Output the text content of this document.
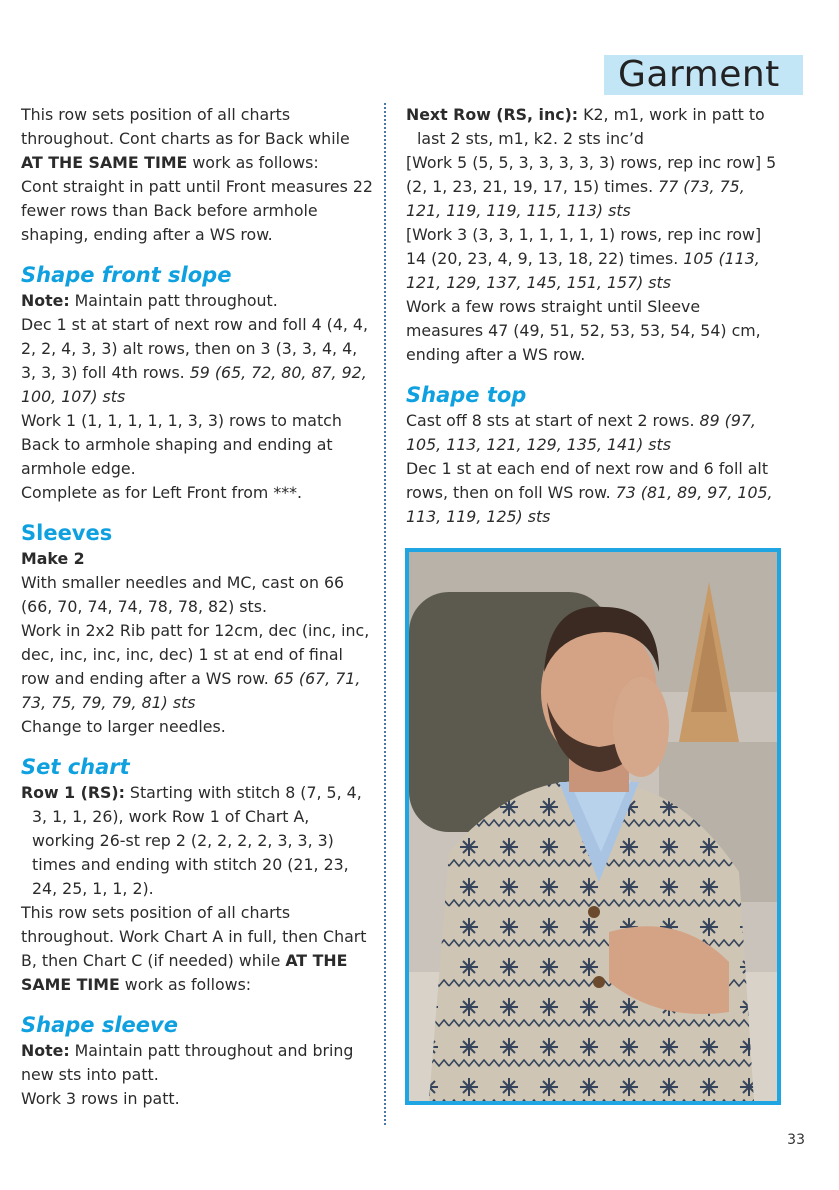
Garment

This row sets position of all charts throughout. Cont charts as for Back while AT THE SAME TIME work as follows:

Cont straight in patt until Front measures 22 fewer rows than Back before armhole shaping, ending after a WS row.

Shape front slope

Note: Maintain patt throughout.

Dec 1 st at start of next row and foll 4 (4, 4, 2, 2, 4, 3, 3) alt rows, then on 3 (3, 3, 4, 4, 3, 3, 3) foll 4th rows. 59 (65, 72, 80, 87, 92, 100, 107) sts

Work 1 (1, 1, 1, 1, 1, 3, 3) rows to match Back to armhole shaping and ending at armhole edge.

Complete as for Left Front from ***.

Sleeves

Make 2

With smaller needles and MC, cast on 66 (66, 70, 74, 74, 78, 78, 82) sts.

Work in 2x2 Rib patt for 12cm, dec (inc, inc, dec, inc, inc, inc, dec) 1 st at end of final row and ending after a WS row. 65 (67, 71, 73, 75, 79, 79, 81) sts

Change to larger needles.

Set chart

Row 1 (RS): Starting with stitch 8 (7, 5, 4, 3, 1, 1, 26), work Row 1 of Chart A, working 26-st rep 2 (2, 2, 2, 2, 3, 3, 3) times and ending with stitch 20 (21, 23, 24, 25, 1, 1, 2).

This row sets position of all charts throughout. Work Chart A in full, then Chart B, then Chart C (if needed) while AT THE SAME TIME work as follows:

Shape sleeve

Note: Maintain patt throughout and bring new sts into patt.

Work 3 rows in patt.

Next Row (RS, inc): K2, m1, work in patt to last 2 sts, m1, k2. 2 sts inc’d

[Work 5 (5, 5, 3, 3, 3, 3, 3) rows, rep inc row] 5 (2, 1, 23, 21, 19, 17, 15) times. 77 (73, 75, 121, 119, 119, 115, 113) sts

[Work 3 (3, 3, 1, 1, 1, 1, 1) rows, rep inc row] 14 (20, 23, 4, 9, 13, 18, 22) times. 105 (113, 121, 129, 137, 145, 151, 157) sts

Work a few rows straight until Sleeve measures 47 (49, 51, 52, 53, 53, 54, 54) cm, ending after a WS row.

Shape top

Cast off 8 sts at start of next 2 rows. 89 (97, 105, 113, 121, 129, 135, 141) sts

Dec 1 st at each end of next row and 6 foll alt rows, then on foll WS row. 73 (81, 89, 97, 105, 113, 119, 125) sts

33
